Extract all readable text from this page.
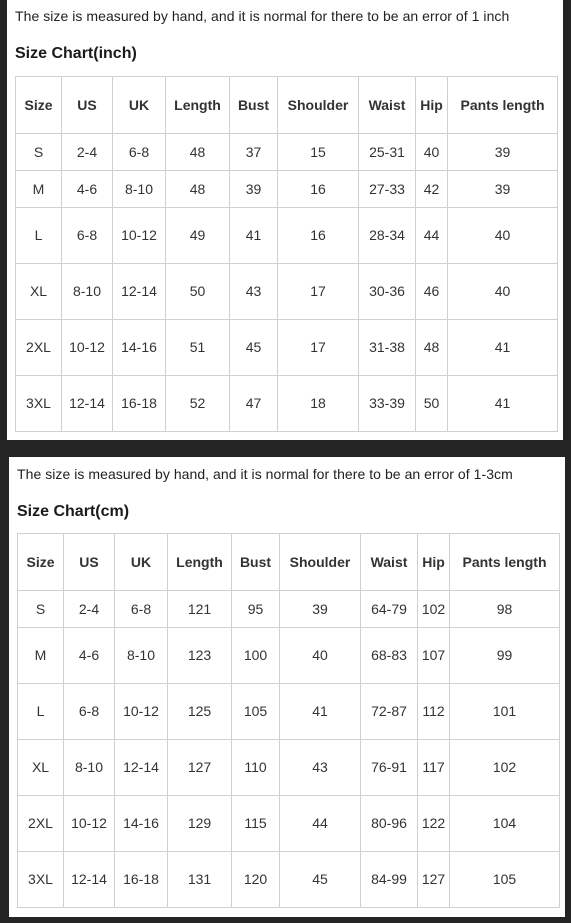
The size is measured by hand, and it is normal for there to be an error of 1 inch
Size Chart(inch)
Size	US	UK	Length	Bust	Shoulder	Waist	Hip	Pants length
S	2-4	6-8	48	37	15	25-31	40	39
M	4-6	8-10	48	39	16	27-33	42	39
L	6-8	10-12	49	41	16	28-34	44	40
XL	8-10	12-14	50	43	17	30-36	46	40
2XL	10-12	14-16	51	45	17	31-38	48	41
3XL	12-14	16-18	52	47	18	33-39	50	41
The size is measured by hand, and it is normal for there to be an error of 1-3cm
Size Chart(cm)
Size	US	UK	Length	Bust	Shoulder	Waist	Hip	Pants length
S	2-4	6-8	121	95	39	64-79	102	98
M	4-6	8-10	123	100	40	68-83	107	99
L	6-8	10-12	125	105	41	72-87	112	101
XL	8-10	12-14	127	110	43	76-91	117	102
2XL	10-12	14-16	129	115	44	80-96	122	104
3XL	12-14	16-18	131	120	45	84-99	127	105
